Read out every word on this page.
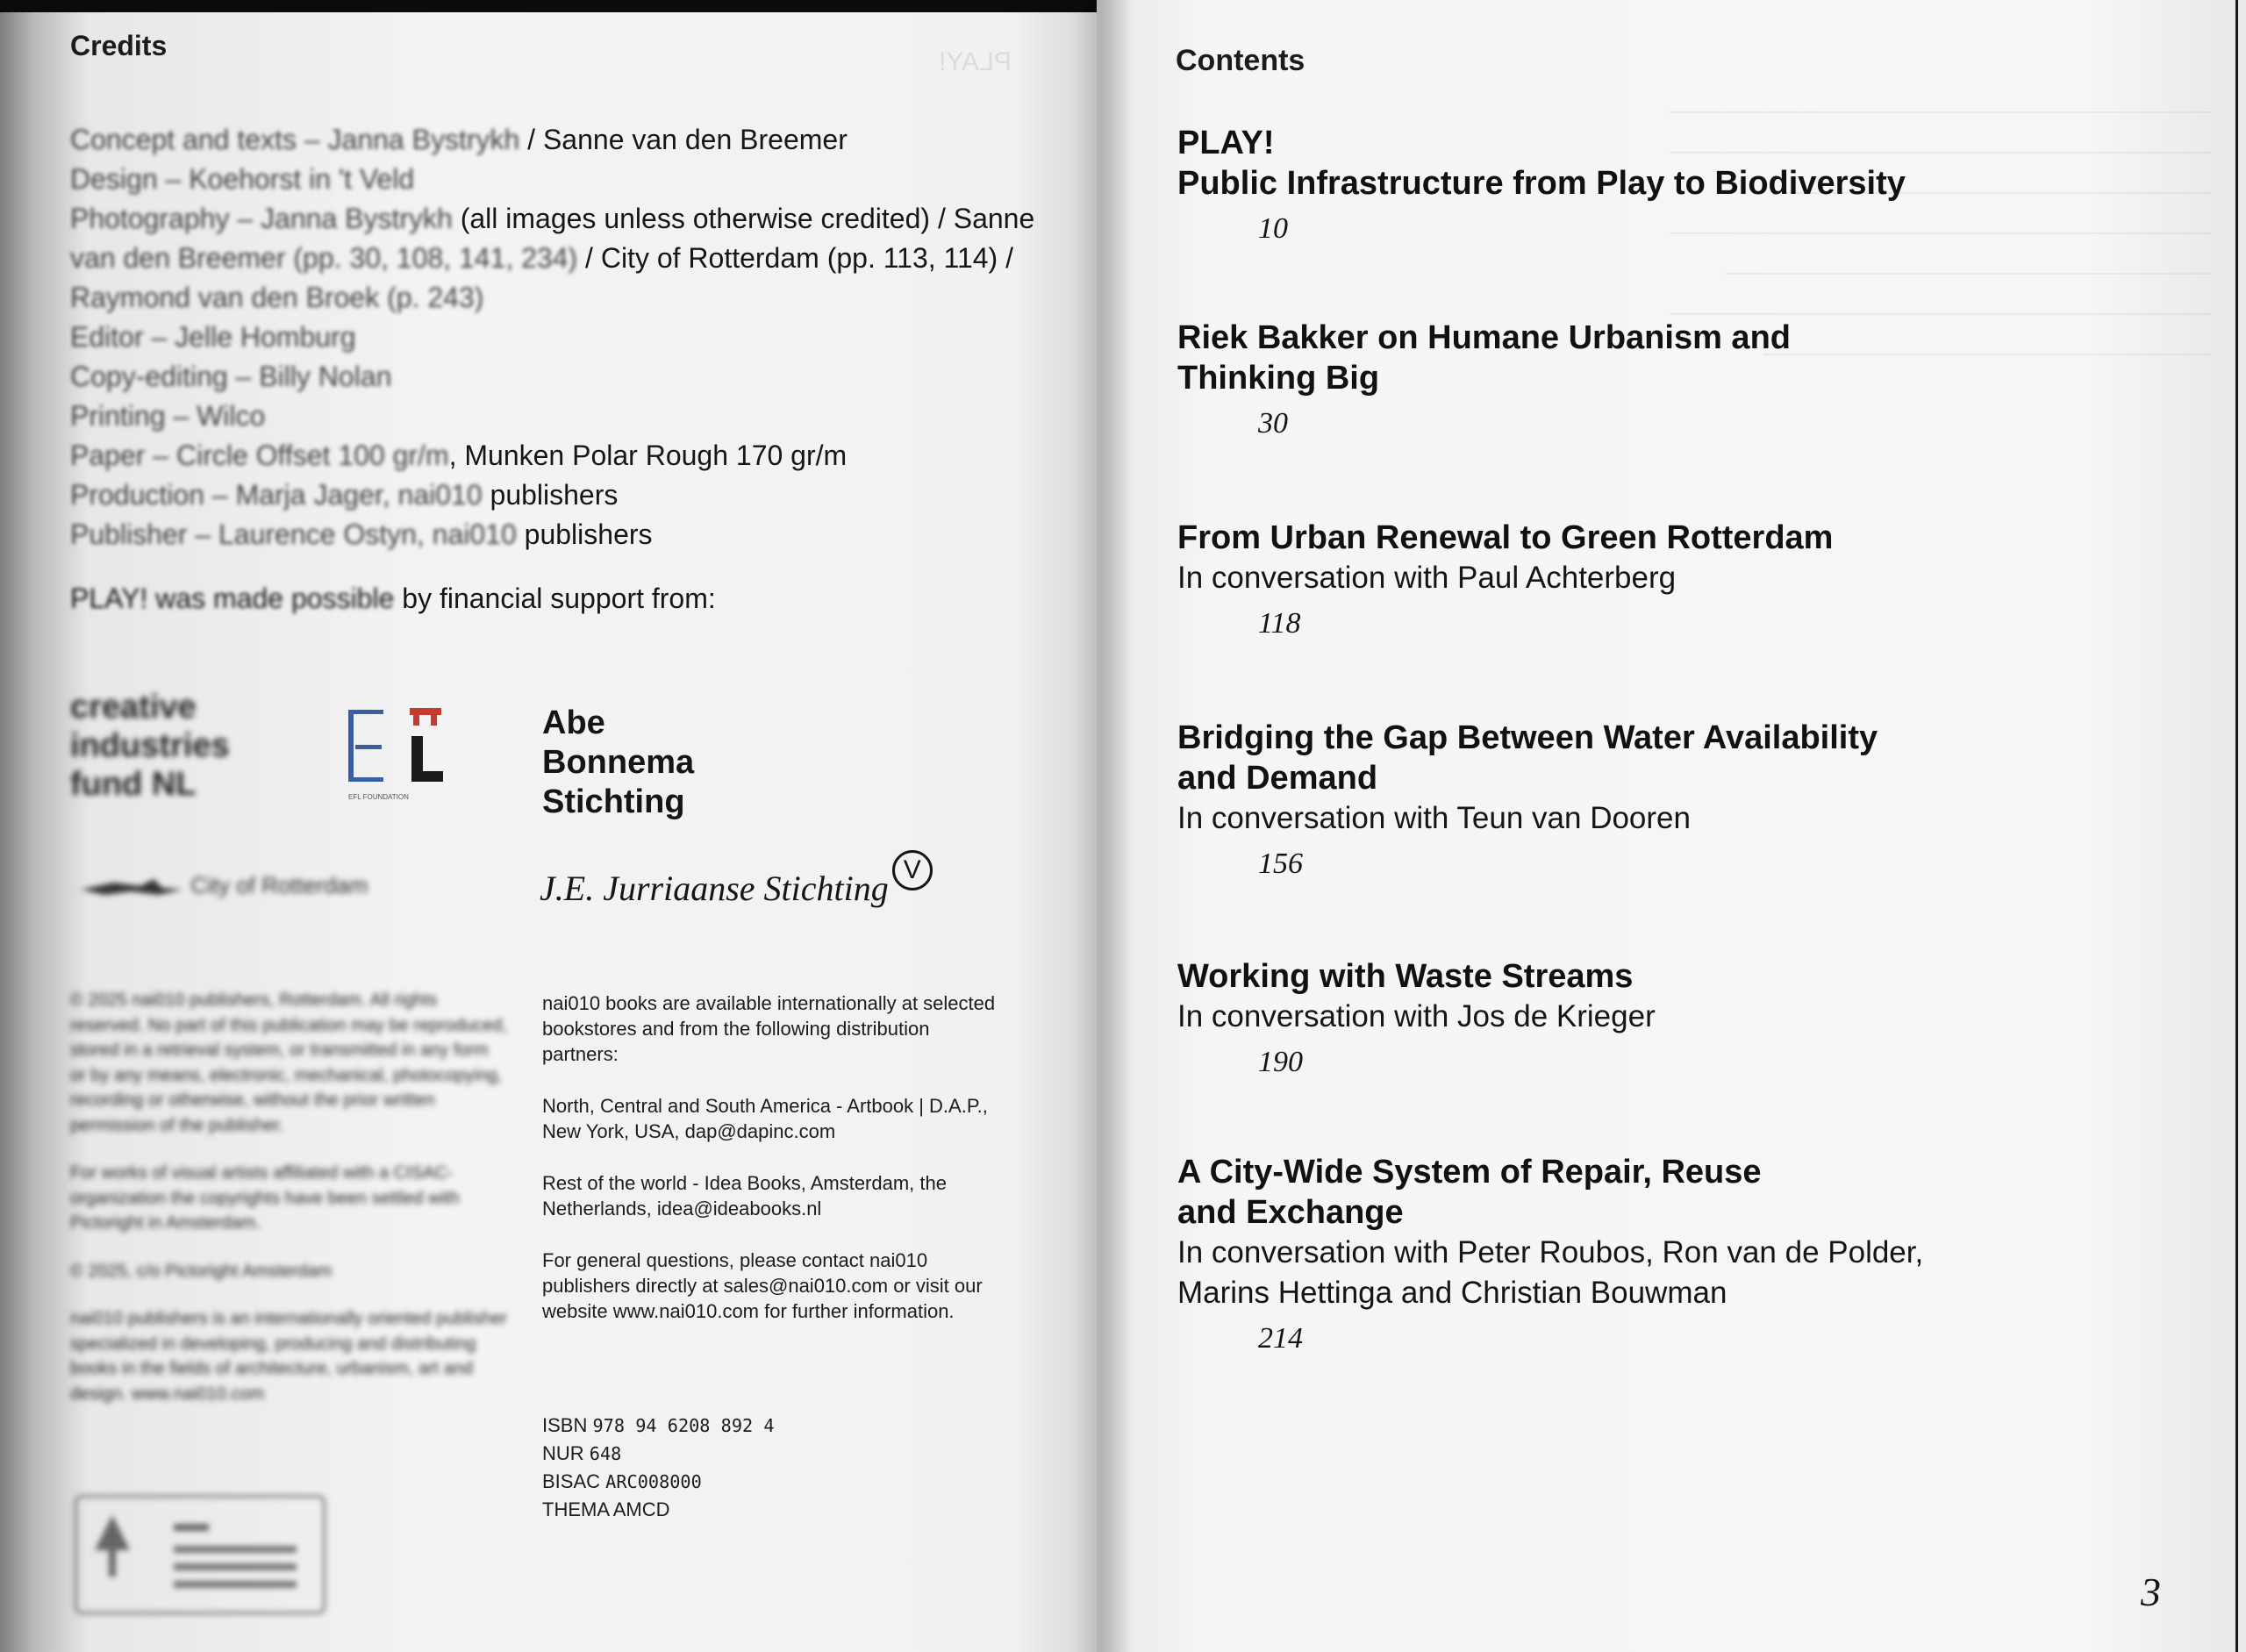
PLAY!
Credits
Concept and texts – Janna Bystrykh / Sanne van den Breemer
Design – Koehorst in 't Veld
Photography – Janna Bystrykh (all images unless otherwise credited) / Sanne
van den Breemer (pp. 30, 108, 141, 234) / City of Rotterdam (pp. 113, 114) /
Raymond van den Broek (p. 243)
Editor – Jelle Homburg
Copy-editing – Billy Nolan
Printing – Wilco
Paper – Circle Offset 100 gr/m, Munken Polar Rough 170 gr/m
Production – Marja Jager, nai010 publishers
Publisher – Laurence Ostyn, nai010 publishers
PLAY! was made possible by financial support from:
creative
industries
fund NL	EFL FOUNDATION
Abe
Bonnema
Stichting
City of Rotterdam	J.E. Jurriaanse Stichting V

© 2025 nai010 publishers, Rotterdam. All rights reserved. No part of this publication may be reproduced, stored in a retrieval system, or transmitted in any form or by any means, electronic, mechanical, photocopying, recording or otherwise, without the prior written permission of the publisher.

For works of visual artists affiliated with a CISAC-organization the copyrights have been settled with Pictoright in Amsterdam.

© 2025, c/o Pictoright Amsterdam

nai010 publishers is an internationally oriented publisher specialized in developing, producing and distributing books in the fields of architecture, urbanism, art and design. www.nai010.com

nai010 books are available internationally at selected bookstores and from the following distribution partners:

North, Central and South America - Artbook | D.A.P., New York, USA, dap@dapinc.com

Rest of the world - Idea Books, Amsterdam, the Netherlands, idea@ideabooks.nl

For general questions, please contact nai010 publishers directly at sales@nai010.com or visit our website www.nai010.com for further information.

ISBN 978 94 6208 892 4
NUR 648
BISAC ARC008000
THEMA AMCD
─────────────────────────────
─────────────────────────────
───────────────────────
─────────────────────────────
──────────────────────────
─────────────────────────────
────────────────────────
Contents

PLAY!
Public Infrastructure from Play to Biodiversity

10

Riek Bakker on Humane Urbanism and
Thinking Big

30

From Urban Renewal to Green Rotterdam

In conversation with Paul Achterberg

118

Bridging the Gap Between Water Availability
and Demand

In conversation with Teun van Dooren

156

Working with Waste Streams

In conversation with Jos de Krieger

190

A City-Wide System of Repair, Reuse
and Exchange

In conversation with Peter Roubos, Ron van de Polder,
Marins Hettinga and Christian Bouwman

214

3
